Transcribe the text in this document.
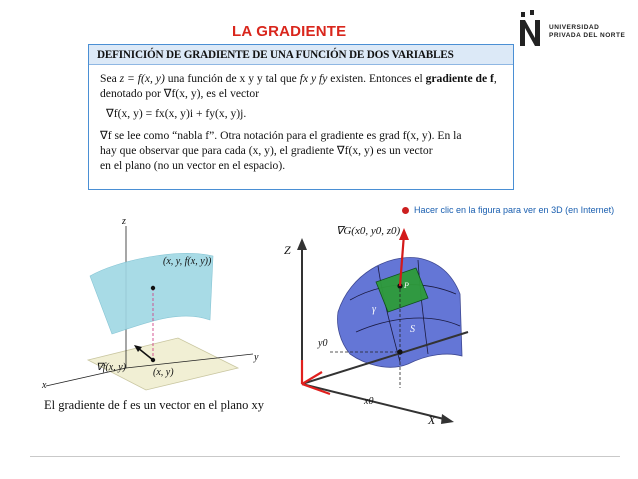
LA GRADIENTE	UNIVERSIDAD
PRIVADA DEL NORTE
DEFINICIÓN DE GRADIENTE DE UNA FUNCIÓN DE DOS VARIABLES

Sea z = f(x, y) una función de x y y tal que fx y fy existen. Entonces el gradiente de f, denotado por ∇f(x, y), es el vector

∇f(x, y) = fx(x, y)i + fy(x, y)j.

∇f se lee como “nabla f”. Otra notación para el gradiente es grad f(x, y). En la

hay que observar que para cada (x, y), el gradiente ∇f(x, y) es un vector

en el plano (no un vector en el espacio).

Hacer clic en la figura para ver en 3D (en Internet)
z
y
x
(x, y, f(x, y))
∇f(x, y)	(x, y)
El gradiente de f es un vector en el plano xy
∇G(x0, y0, z0)
Z
X
y0
x0
S
P
γ
